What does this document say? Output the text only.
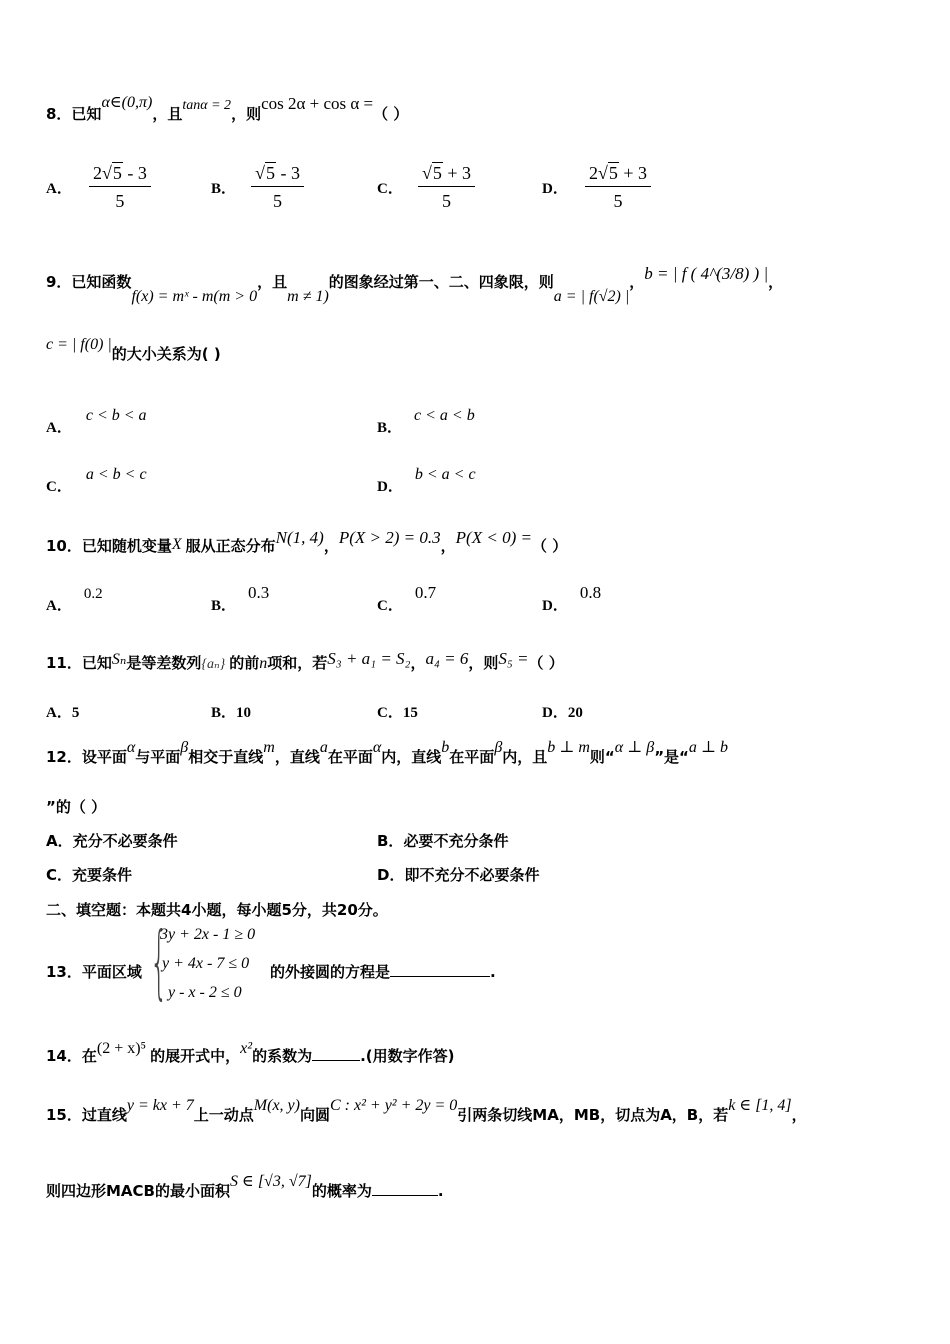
8．已知α∈(0,π)，且tanα = 2，则cos 2α + cos α =（ ）
A． $\frac{2√5 - 3}{5}$	B． $\frac{√5 - 3}{5}$	C． $\frac{√5 + 3}{5}$	D． $\frac{2√5 + 3}{5}$
9．已知函数f(x) = mˣ - m(m > 0，且m ≠ 1)的图象经过第一、二、四象限，则a = | f(√2) |，b = | f ( 4^(3/8) ) |，
c = | f(0) |的大小关系为( )
A．c < b < a
B．c < a < b
C．a < b < c
D．b < a < c
10．已知随机变量X 服从正态分布N(1, 4)，P(X > 2) = 0.3，P(X < 0) =（ ）
A．0.2
B．0.3
C．0.7
D．0.8
11．已知Sₙ是等差数列{aₙ} 的前n项和，若S₃ + a₁ = S₂，a₄ = 6，则S₅ =（ ）
A．5	B．10	C．15	D．20
12．设平面α与平面β相交于直线m，直线a在平面α内，直线b在平面β内，且b ⊥ m则“α ⊥ β”是“a ⊥ b
”的（ ）
A．充分不必要条件	B．必要不充分条件
C．充要条件	D．即不充分不必要条件
二、填空题：本题共4小题，每小题5分，共20分。
13．平面区域 {
3y + 2x - 1 ≥ 0
y + 4x - 7 ≤ 0
y - x - 2 ≤ 0
的外接圆的方程是	.
14．在(2 + x)⁵ 的展开式中，x²的系数为	.(用数字作答)
15．过直线y = kx + 7上一动点M(x, y)向圆C : x² + y² + 2y = 0引两条切线MA，MB，切点为A，B，若k ∈ [1, 4]，
则四边形MACB的最小面积S ∈ [√3, √7]的概率为	.
